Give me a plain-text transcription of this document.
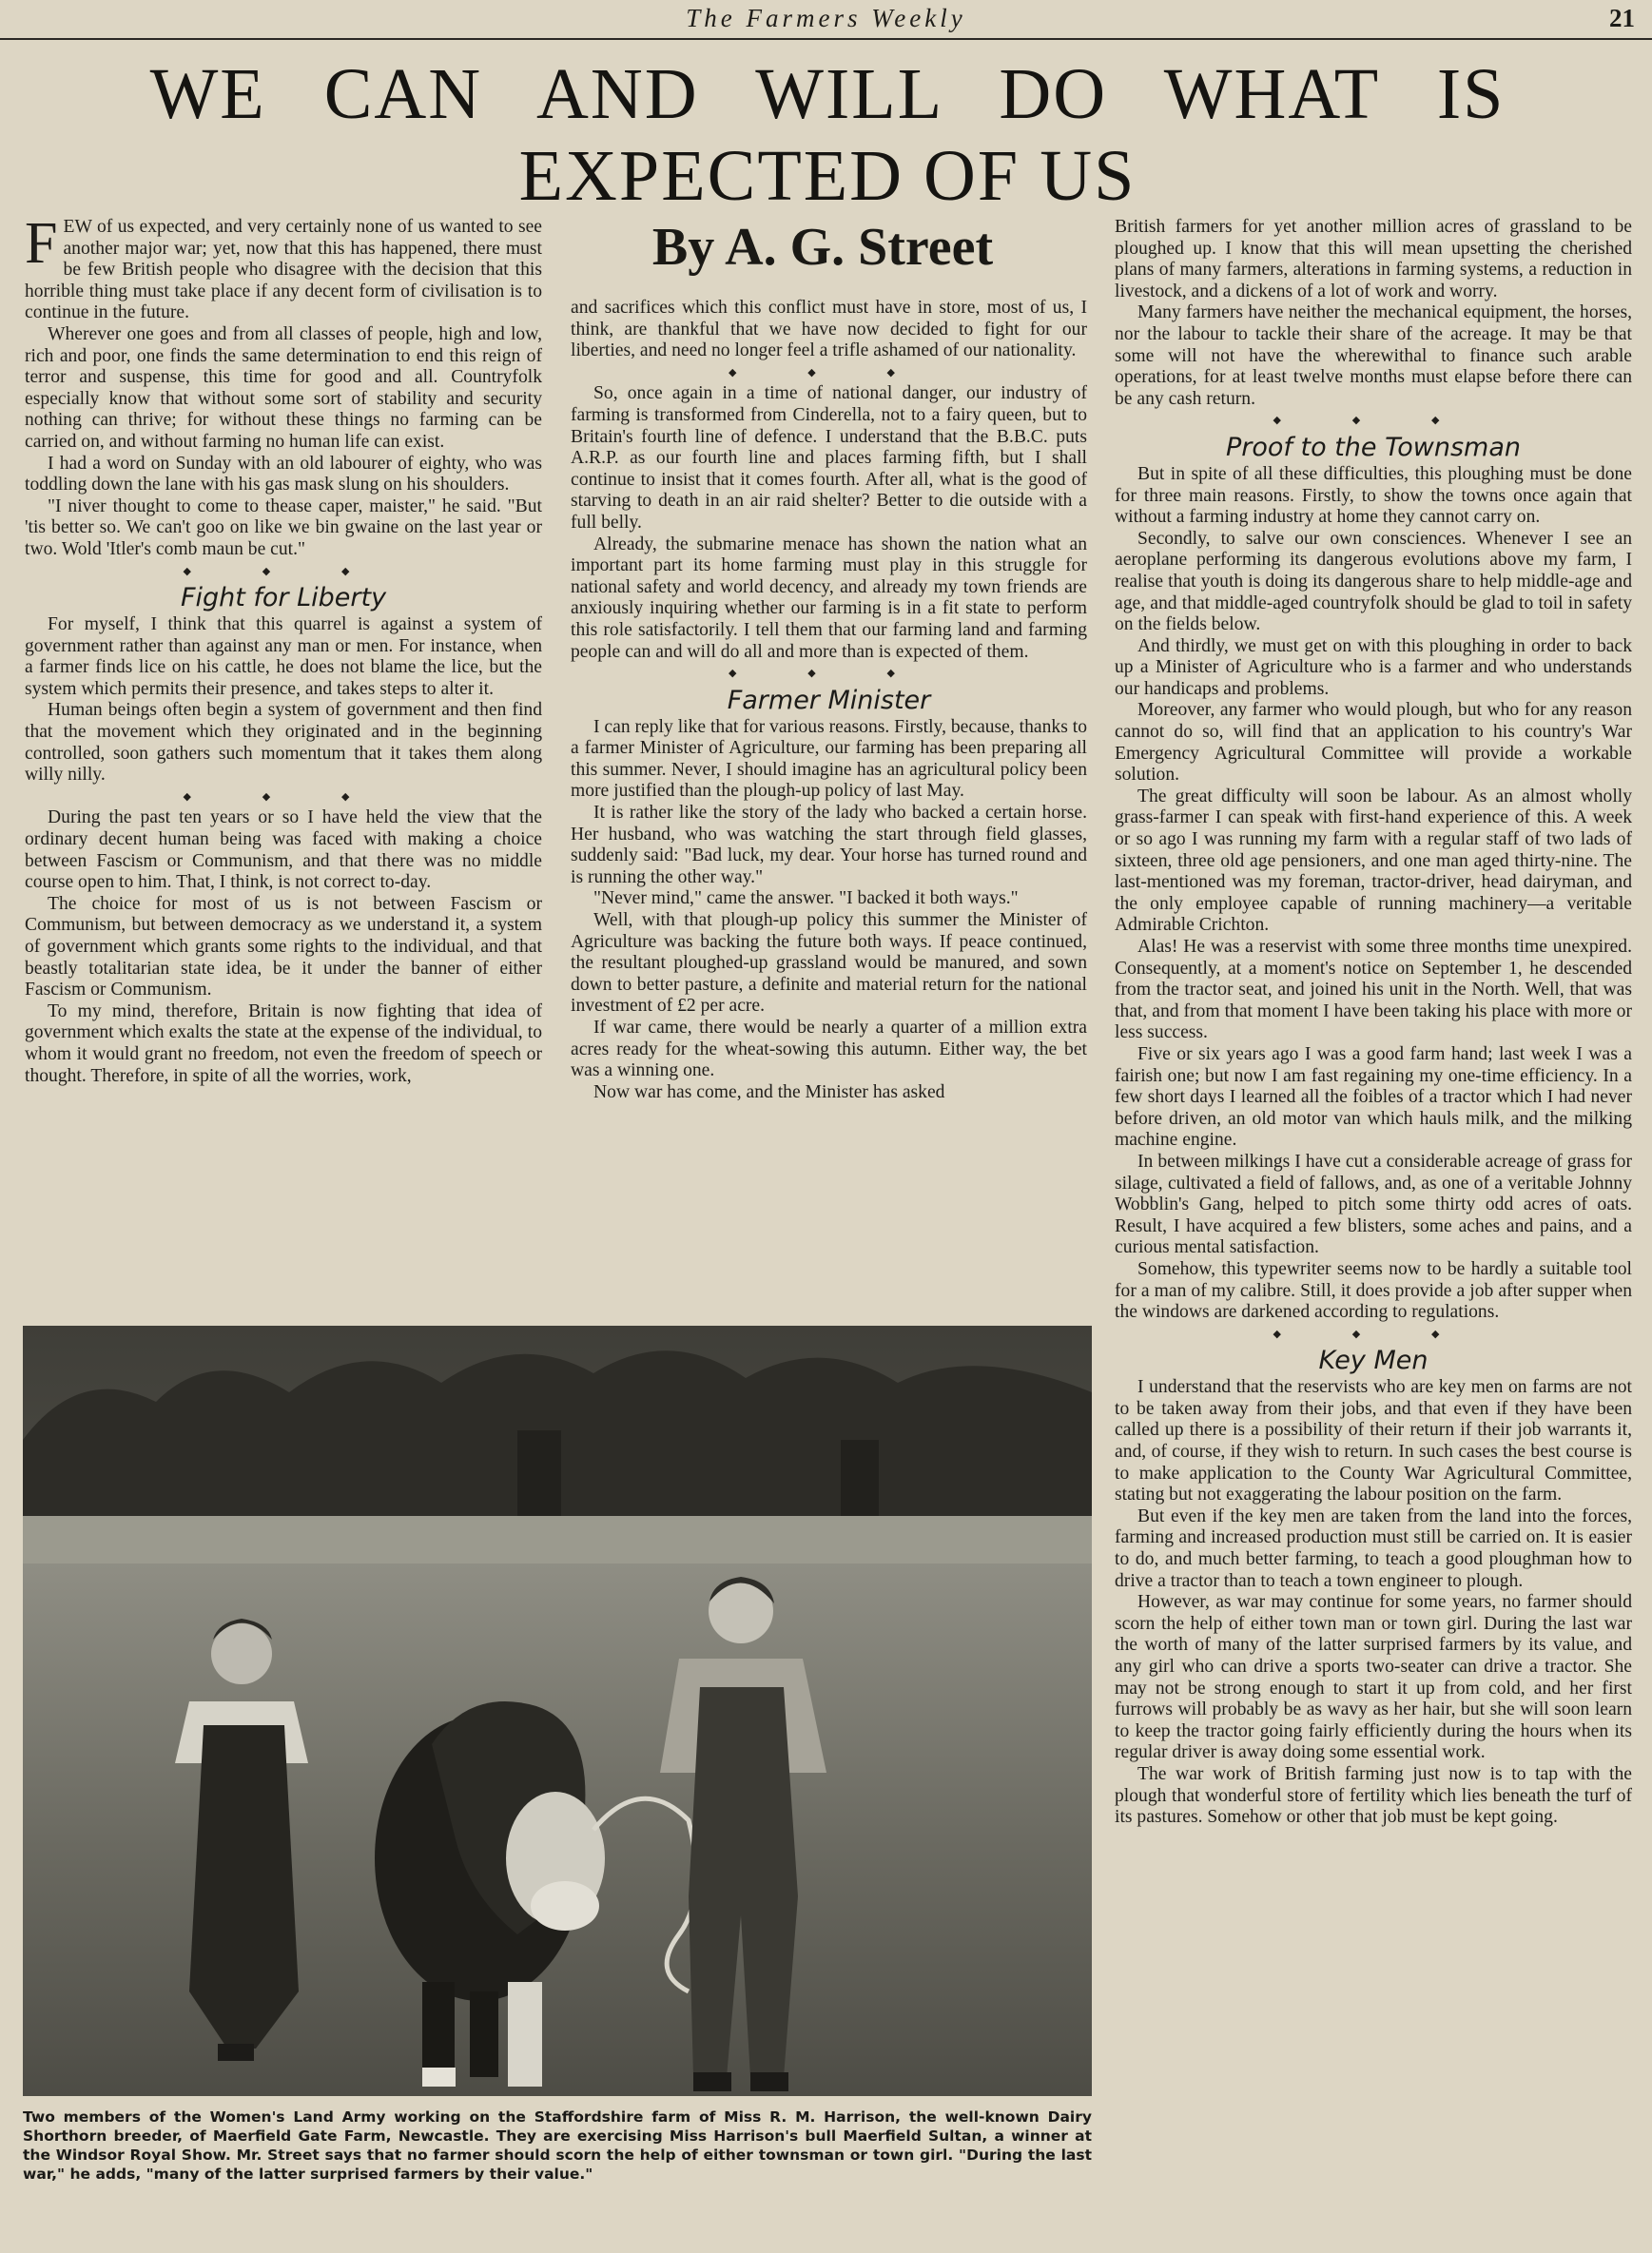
The Farmers Weekly	21
WE CAN AND WILL DO WHAT IS
EXPECTED OF US
By A. G. Street

FEW of us expected, and very certainly none of us wanted to see another major war; yet, now that this has happened, there must be few British people who disagree with the decision that this horrible thing must take place if any decent form of civilisation is to continue in the future.

Wherever one goes and from all classes of people, high and low, rich and poor, one finds the same determination to end this reign of terror and suspense, this time for good and all. Countryfolk especially know that without some sort of stability and security nothing can thrive; for without these things no farming can be carried on, and without farming no human life can exist.

I had a word on Sunday with an old labourer of eighty, who was toddling down the lane with his gas mask slung on his shoulders.

"I niver thought to come to thease caper, maister," he said. "But 'tis better so. We can't goo on like we bin gwaine on the last year or two. Wold 'Itler's comb maun be cut."

◆ ◆ ◆

Fight for Liberty

For myself, I think that this quarrel is against a system of government rather than against any man or men. For instance, when a farmer finds lice on his cattle, he does not blame the lice, but the system which permits their presence, and takes steps to alter it.

Human beings often begin a system of government and then find that the movement which they originated and in the beginning controlled, soon gathers such momentum that it takes them along willy nilly.

◆ ◆ ◆

During the past ten years or so I have held the view that the ordinary decent human being was faced with making a choice between Fascism or Communism, and that there was no middle course open to him. That, I think, is not correct to-day.

The choice for most of us is not between Fascism or Communism, but between democracy as we understand it, a system of government which grants some rights to the individual, and that beastly totalitarian state idea, be it under the banner of either Fascism or Communism.

To my mind, therefore, Britain is now fighting that idea of government which exalts the state at the expense of the individual, to whom it would grant no freedom, not even the freedom of speech or thought. Therefore, in spite of all the worries, work,

and sacrifices which this conflict must have in store, most of us, I think, are thankful that we have now decided to fight for our liberties, and need no longer feel a trifle ashamed of our nationality.

◆ ◆ ◆

So, once again in a time of national danger, our industry of farming is transformed from Cinderella, not to a fairy queen, but to Britain's fourth line of defence. I understand that the B.B.C. puts A.R.P. as our fourth line and places farming fifth, but I shall continue to insist that it comes fourth. After all, what is the good of starving to death in an air raid shelter? Better to die outside with a full belly.

Already, the submarine menace has shown the nation what an important part its home farming must play in this struggle for national safety and world decency, and already my town friends are anxiously inquiring whether our farming is in a fit state to perform this role satisfactorily. I tell them that our farming land and farming people can and will do all and more than is expected of them.

◆ ◆ ◆

Farmer Minister

I can reply like that for various reasons. Firstly, because, thanks to a farmer Minister of Agriculture, our farming has been preparing all this summer. Never, I should imagine has an agricultural policy been more justified than the plough-up policy of last May.

It is rather like the story of the lady who backed a certain horse. Her husband, who was watching the start through field glasses, suddenly said: "Bad luck, my dear. Your horse has turned round and is running the other way."

"Never mind," came the answer. "I backed it both ways."

Well, with that plough-up policy this summer the Minister of Agriculture was backing the future both ways. If peace continued, the resultant ploughed-up grassland would be manured, and sown down to better pasture, a definite and material return for the national investment of £2 per acre.

If war came, there would be nearly a quarter of a million extra acres ready for the wheat-sowing this autumn. Either way, the bet was a winning one.

Now war has come, and the Minister has asked

British farmers for yet another million acres of grassland to be ploughed up. I know that this will mean upsetting the cherished plans of many farmers, alterations in farming systems, a reduction in livestock, and a dickens of a lot of work and worry.

Many farmers have neither the mechanical equipment, the horses, nor the labour to tackle their share of the acreage. It may be that some will not have the wherewithal to finance such arable operations, for at least twelve months must elapse before there can be any cash return.

◆ ◆ ◆

Proof to the Townsman

But in spite of all these difficulties, this ploughing must be done for three main reasons. Firstly, to show the towns once again that without a farming industry at home they cannot carry on.

Secondly, to salve our own consciences. Whenever I see an aeroplane performing its dangerous evolutions above my farm, I realise that youth is doing its dangerous share to help middle-age and age, and that middle-aged countryfolk should be glad to toil in safety on the fields below.

And thirdly, we must get on with this ploughing in order to back up a Minister of Agriculture who is a farmer and who understands our handicaps and problems.

Moreover, any farmer who would plough, but who for any reason cannot do so, will find that an application to his country's War Emergency Agricultural Committee will provide a workable solution.

The great difficulty will soon be labour. As an almost wholly grass-farmer I can speak with first-hand experience of this. A week or so ago I was running my farm with a regular staff of two lads of sixteen, three old age pensioners, and one man aged thirty-nine. The last-mentioned was my foreman, tractor-driver, head dairyman, and the only employee capable of running machinery—a veritable Admirable Crichton.

Alas! He was a reservist with some three months time unexpired. Consequently, at a moment's notice on September 1, he descended from the tractor seat, and joined his unit in the North. Well, that was that, and from that moment I have been taking his place with more or less success.

Five or six years ago I was a good farm hand; last week I was a fairish one; but now I am fast regaining my one-time efficiency. In a few short days I learned all the foibles of a tractor which I had never before driven, an old motor van which hauls milk, and the milking machine engine.

In between milkings I have cut a considerable acreage of grass for silage, cultivated a field of fallows, and, as one of a veritable Johnny Wobblin's Gang, helped to pitch some thirty odd acres of oats. Result, I have acquired a few blisters, some aches and pains, and a curious mental satisfaction.

Somehow, this typewriter seems now to be hardly a suitable tool for a man of my calibre. Still, it does provide a job after supper when the windows are darkened according to regulations.

◆ ◆ ◆

Key Men

I understand that the reservists who are key men on farms are not to be taken away from their jobs, and that even if they have been called up there is a possibility of their return if their job warrants it, and, of course, if they wish to return. In such cases the best course is to make application to the County War Agricultural Committee, stating but not exaggerating the labour position on the farm.

But even if the key men are taken from the land into the forces, farming and increased production must still be carried on. It is easier to do, and much better farming, to teach a good ploughman how to drive a tractor than to teach a town engineer to plough.

However, as war may continue for some years, no farmer should scorn the help of either town man or town girl. During the last war the worth of many of the latter surprised farmers by its value, and any girl who can drive a sports two-seater can drive a tractor. She may not be strong enough to start it up from cold, and her first furrows will probably be as wavy as her hair, but she will soon learn to keep the tractor going fairly efficiently during the hours when its regular driver is away doing some essential work.

The war work of British farming just now is to tap with the plough that wonderful store of fertility which lies beneath the turf of its pastures. Somehow or other that job must be kept going.

Two members of the Women's Land Army working on the Staffordshire farm of Miss R. M. Harrison, the well-known Dairy Shorthorn breeder, of Maerfield Gate Farm, Newcastle. They are exercising Miss Harrison's bull Maerfield Sultan, a winner at the Windsor Royal Show. Mr. Street says that no farmer should scorn the help of either townsman or town girl. "During the last war," he adds, "many of the latter surprised farmers by their value."
